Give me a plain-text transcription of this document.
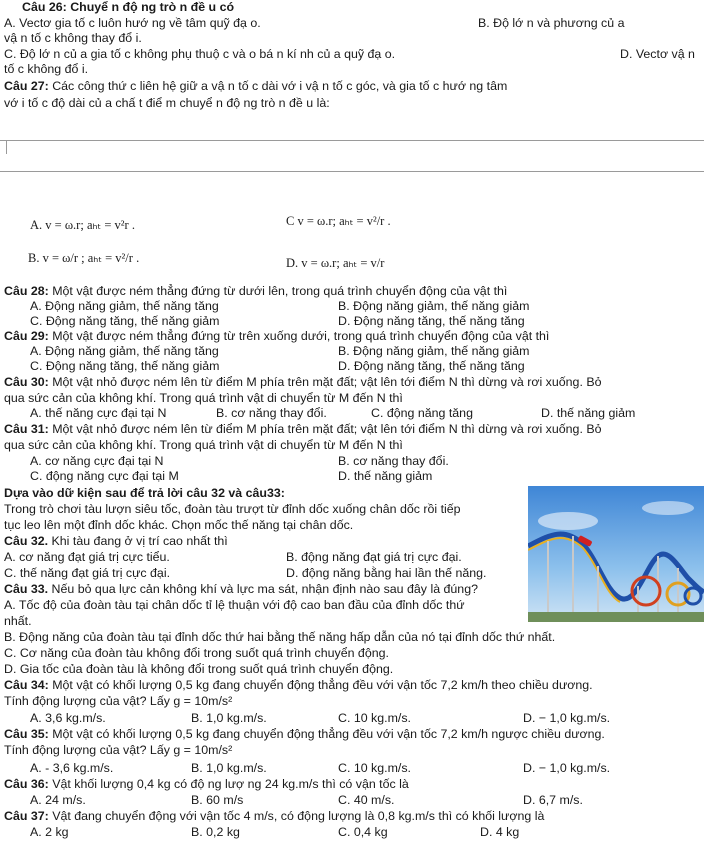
Câu 26: Chuyể n độ ng trò n đề u có
A. Vectơ gia tố c luôn hướ ng về tâm quỹ đạ o.	B. Độ lớ n và phương củ a
vậ n tố c không thay đổ i.
C. Độ lớ n củ a gia tố c không phụ thuộ c và o bá n kí nh củ a quỹ đạ o.	D. Vectơ vậ n
tố c không đổ i.
Câu 27: Các công thứ c liên hệ giữ a vậ n tố c dài vớ i vậ n tố c góc, và gia tố c hướ ng tâm
vớ i tố c độ dài củ a chấ t điể m chuyể n độ ng trò n đề u là:
A. v = ω.r; aₕₜ = v²r .	C v = ω.r; aₕₜ = v²/r .
B. v = ω/r ; aₕₜ = v²/r .	D. v = ω.r; aₕₜ = v/r
Câu 28: Một vật được ném thẳng đứng từ dưới lên, trong quá trình chuyển động của vật thì
A. Động năng giảm, thế năng tăng	B. Động năng giảm, thế năng giảm
C. Động năng tăng, thế năng giảm	D. Động năng tăng, thế năng tăng
Câu 29: Một vật được ném thẳng đứng từ trên xuống dưới, trong quá trình chuyển động của vật thì
A. Động năng giảm, thế năng tăng	B. Động năng giảm, thế năng giảm
C. Động năng tăng, thế năng giảm	D. Động năng tăng, thế năng tăng
Câu 30: Một vật nhỏ được ném lên từ điểm M phía trên mặt đất; vật lên tới điểm N thì dừng và rơi xuống. Bỏ
qua sức cản của không khí. Trong quá trình vật di chuyển từ M đến N thì
A. thế năng cực đại tại N	B. cơ năng thay đổi.	C. động năng tăng	D. thế năng giảm
Câu 31: Một vật nhỏ được ném lên từ điểm M phía trên mặt đất; vật lên tới điểm N thì dừng và rơi xuống. Bỏ
qua sức cản của không khí. Trong quá trình vật di chuyển từ M đến N thì
A. cơ năng cực đại tại N	B. cơ năng thay đổi.
C. động năng cực đại tại M	D. thế năng giảm
Dựa vào dữ kiện sau để trả lời câu 32 và câu33:
Trong trò chơi tàu lượn siêu tốc, đoàn tàu trượt từ đỉnh dốc xuống chân dốc rồi tiếp
tục leo lên một đỉnh dốc khác. Chọn mốc thế năng tại chân dốc.
Câu 32. Khi tàu đang ở vị trí cao nhất thì
A. cơ năng đạt giá trị cực tiểu.	B. động năng đạt giá trị cực đại.
C. thế năng đạt giá trị cực đại.	D. động năng bằng hai lần thế năng.
Câu 33. Nếu bỏ qua lực cản không khí và lực ma sát, nhận định nào sau đây là đúng?
A. Tốc độ của đoàn tàu tại chân dốc tỉ lệ thuận với độ cao ban đầu của đỉnh dốc thứ
nhất.
B. Động năng của đoàn tàu tại đỉnh dốc thứ hai bằng thế năng hấp dẫn của nó tại đỉnh dốc thứ nhất.
C. Cơ năng của đoàn tàu không đổi trong suốt quá trình chuyển động.
D. Gia tốc của đoàn tàu là không đổi trong suốt quá trình chuyển động.
Câu 34: Một vật có khối lượng 0,5 kg đang chuyển động thẳng đều với vận tốc 7,2 km/h theo chiều dương.
Tính động lượng của vật? Lấy g = 10m/s²
A. 3,6 kg.m/s.	B. 1,0 kg.m/s.	C. 10 kg.m/s.	D. − 1,0 kg.m/s.
Câu 35: Một vật có khối lượng 0,5 kg đang chuyển động thẳng đều với vận tốc 7,2 km/h ngược chiều dương.
Tính động lượng của vật? Lấy g = 10m/s²
A. - 3,6 kg.m/s.	B. 1,0 kg.m/s.	C. 10 kg.m/s.	D. − 1,0 kg.m/s.
Câu 36: Vật khối lượng 0,4 kg có độ ng lượ ng 24 kg.m/s thì có vận tốc là
A. 24 m/s.	B. 60 m/s	C. 40 m/s.	D. 6,7 m/s.
Câu 37: Vật đang chuyển động với vận tốc 4 m/s, có động lượng là 0,8 kg.m/s thì có khối lượng là
A. 2 kg	B. 0,2 kg	C. 0,4 kg	D. 4 kg
